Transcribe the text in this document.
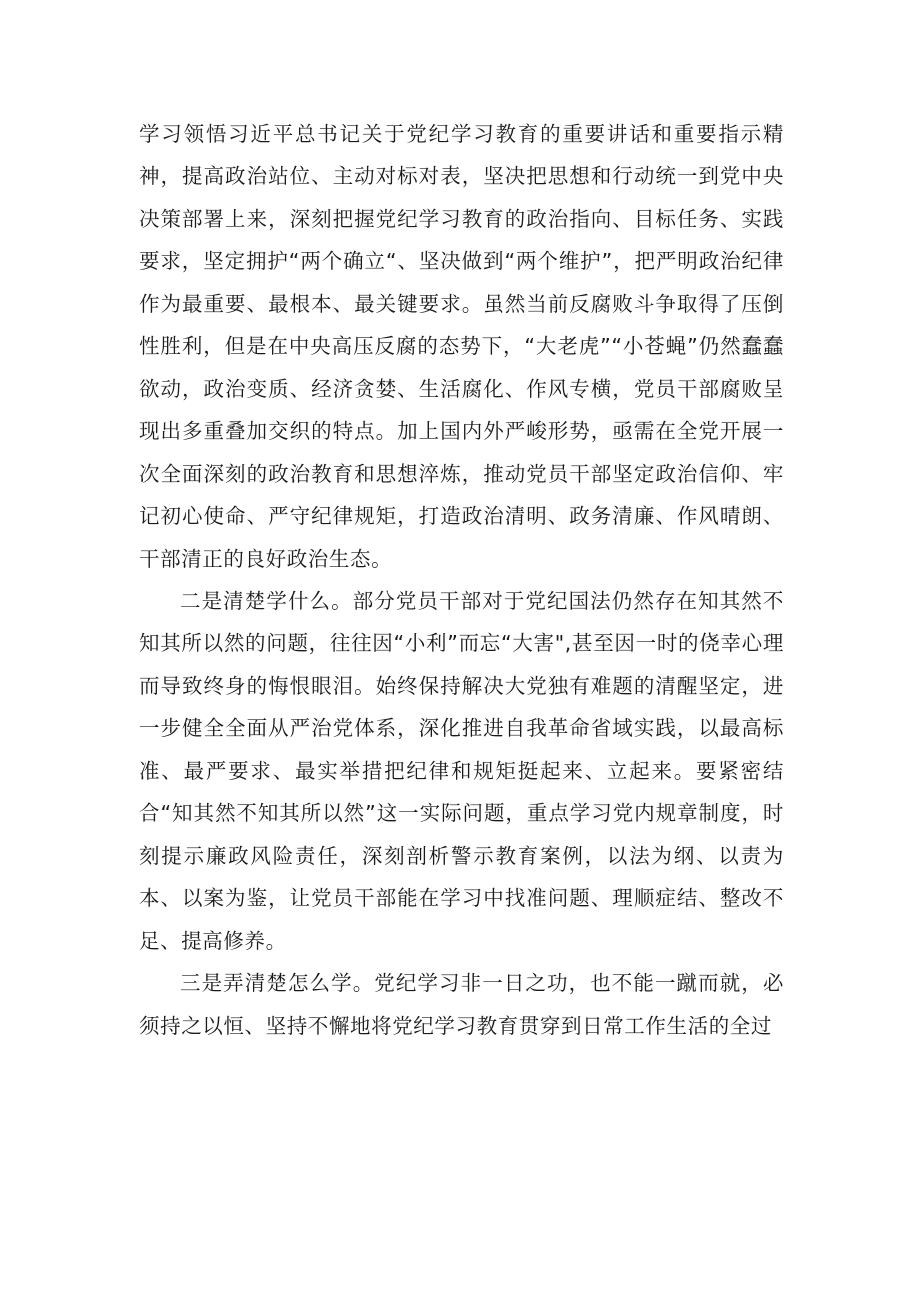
学习领悟习近平总书记关于党纪学习教育的重要讲话和重要指示精神，提高政治站位、主动对标对表，坚决把思想和行动统一到党中央决策部署上来，深刻把握党纪学习教育的政治指向、目标任务、实践要求，坚定拥护“两个确立“、坚决做到“两个维护”，把严明政治纪律作为最重要、最根本、最关键要求。虽然当前反腐败斗争取得了压倒性胜利，但是在中央高压反腐的态势下，“大老虎”“小苍蝇”仍然蠢蠢欲动，政治变质、经济贪婪、生活腐化、作风专横，党员干部腐败呈现出多重叠加交织的特点。加上国内外严峻形势，亟需在全党开展一次全面深刻的政治教育和思想淬炼，推动党员干部坚定政治信仰、牢记初心使命、严守纪律规矩，打造政治清明、政务清廉、作风晴朗、干部清正的良好政治生态。

二是清楚学什么。部分党员干部对于党纪国法仍然存在知其然不知其所以然的问题，往往因“小利”而忘“大害",甚至因一时的侥幸心理而导致终身的悔恨眼泪。始终保持解决大党独有难题的清醒坚定，进一步健全全面从严治党体系，深化推进自我革命省域实践，以最高标准、最严要求、最实举措把纪律和规矩挺起来、立起来。要紧密结合“知其然不知其所以然”这一实际问题，重点学习党内规章制度，时刻提示廉政风险责任，深刻剖析警示教育案例，以法为纲、以责为本、以案为鉴，让党员干部能在学习中找准问题、理顺症结、整改不足、提高修养。

三是弄清楚怎么学。党纪学习非一日之功，也不能一蹴而就，必须持之以恒、坚持不懈地将党纪学习教育贯穿到日常工作生活的全过
